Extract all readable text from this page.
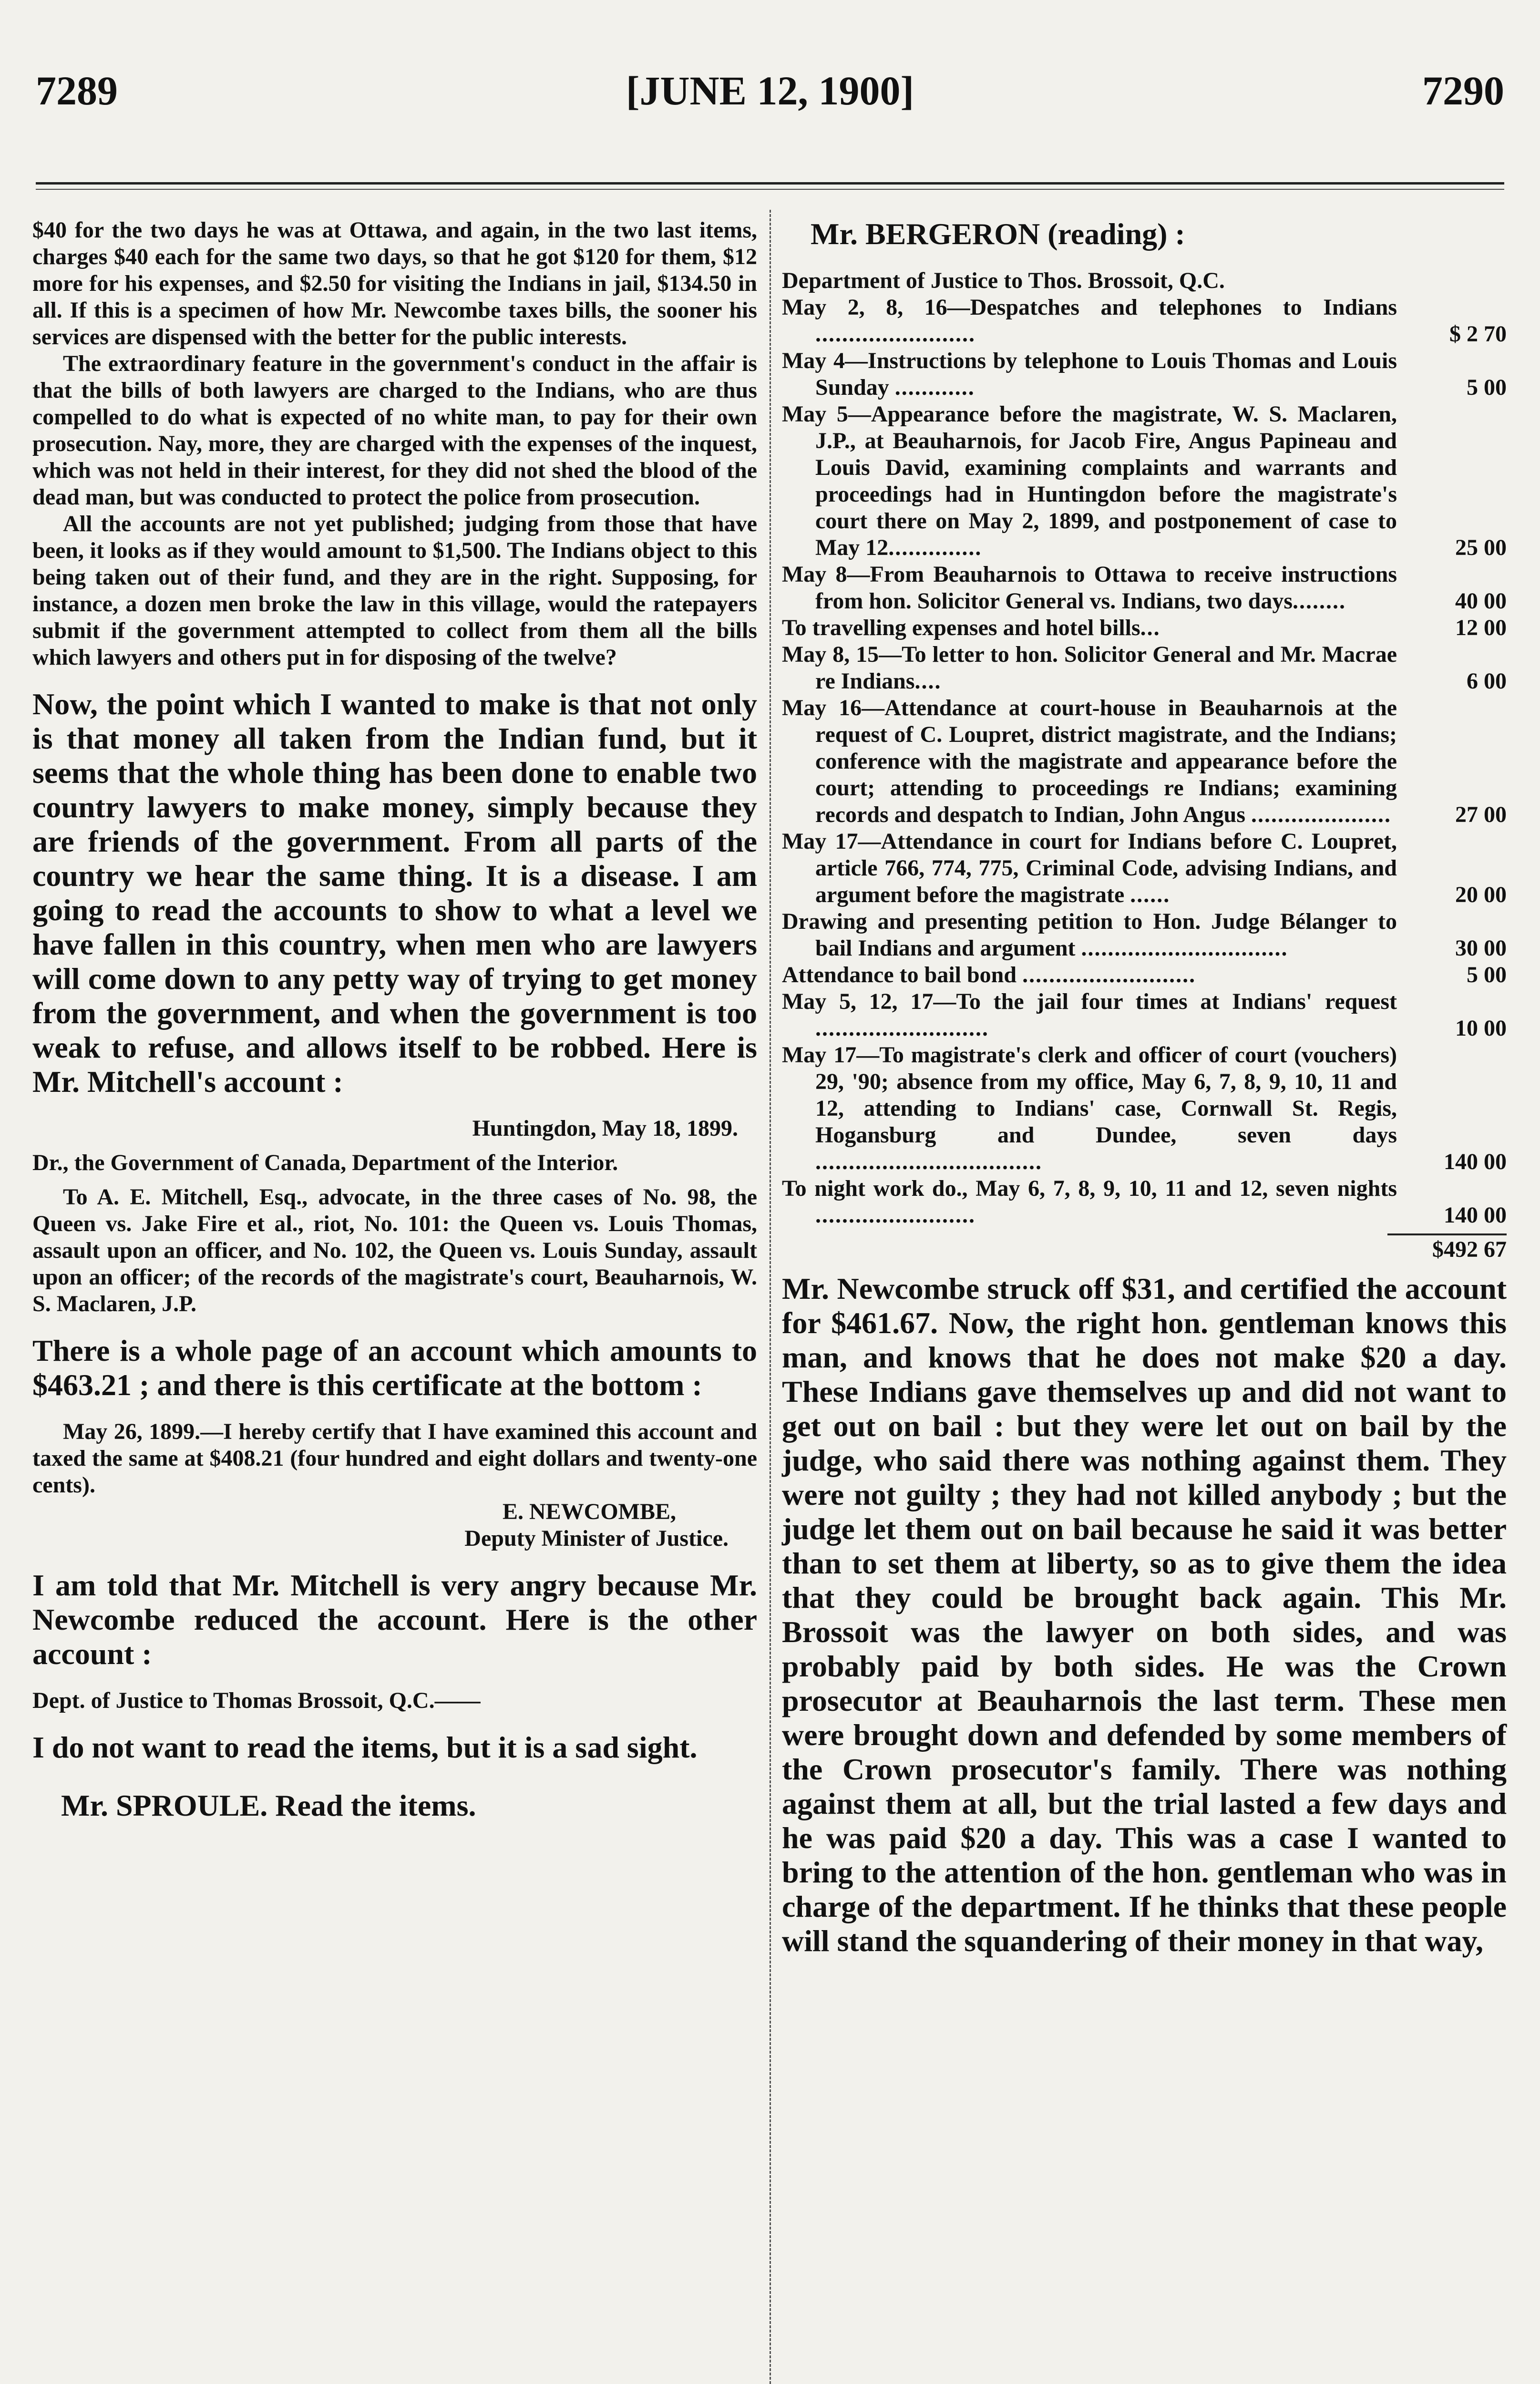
7289	[JUNE 12, 1900]	7290

$40 for the two days he was at Ottawa, and again, in the two last items, charges $40 each for the same two days, so that he got $120 for them, $12 more for his expenses, and $2.50 for visiting the Indians in jail, $134.50 in all. If this is a specimen of how Mr. Newcombe taxes bills, the sooner his services are dispensed with the better for the public interests.

The extraordinary feature in the government's conduct in the affair is that the bills of both lawyers are charged to the Indians, who are thus compelled to do what is expected of no white man, to pay for their own prosecution. Nay, more, they are charged with the expenses of the inquest, which was not held in their interest, for they did not shed the blood of the dead man, but was conducted to protect the police from prosecution.

All the accounts are not yet published; judging from those that have been, it looks as if they would amount to $1,500. The Indians object to this being taken out of their fund, and they are in the right. Supposing, for instance, a dozen men broke the law in this village, would the ratepayers submit if the government attempted to collect from them all the bills which lawyers and others put in for disposing of the twelve?

Now, the point which I wanted to make is that not only is that money all taken from the Indian fund, but it seems that the whole thing has been done to enable two country lawyers to make money, simply because they are friends of the government. From all parts of the country we hear the same thing. It is a disease. I am going to read the accounts to show to what a level we have fallen in this country, when men who are lawyers will come down to any petty way of trying to get money from the government, and when the government is too weak to refuse, and allows itself to be robbed. Here is Mr. Mitchell's account :

Huntingdon, May 18, 1899.

Dr., the Government of Canada, Department of the Interior.

To A. E. Mitchell, Esq., advocate, in the three cases of No. 98, the Queen vs. Jake Fire et al., riot, No. 101: the Queen vs. Louis Thomas, assault upon an officer, and No. 102, the Queen vs. Louis Sunday, assault upon an officer; of the records of the magistrate's court, Beauharnois, W. S. Maclaren, J.P.

There is a whole page of an account which amounts to $463.21 ; and there is this certificate at the bottom :

May 26, 1899.—I hereby certify that I have examined this account and taxed the same at $408.21 (four hundred and eight dollars and twenty-one cents).

E. NEWCOMBE,

Deputy Minister of Justice.

I am told that Mr. Mitchell is very angry because Mr. Newcombe reduced the account. Here is the other account :

Dept. of Justice to Thomas Brossoit, Q.C.——

I do not want to read the items, but it is a sad sight.

Mr. SPROULE. Read the items.

Mr. BERGERON (reading) :

Department of Justice to Thos. Brossoit, Q.C.

May 2, 8, 16—Despatches and telephones to Indians ........................	$ 2 70
May 4—Instructions by telephone to Louis Thomas and Louis Sunday ............	5 00
May 5—Appearance before the magistrate, W. S. Maclaren, J.P., at Beauharnois, for Jacob Fire, Angus Papineau and Louis David, examining complaints and warrants and proceedings had in Huntingdon before the magistrate's court there on May 2, 1899, and postponement of case to May 12..............	25 00
May 8—From Beauharnois to Ottawa to receive instructions from hon. Solicitor General vs. Indians, two days........	40 00
To travelling expenses and hotel bills...	12 00
May 8, 15—To letter to hon. Solicitor General and Mr. Macrae re Indians....	6 00
May 16—Attendance at court-house in Beauharnois at the request of C. Loupret, district magistrate, and the Indians; conference with the magistrate and appearance before the court; attending to proceedings re Indians; examining records and despatch to Indian, John Angus .....................	27 00
May 17—Attendance in court for Indians before C. Loupret, article 766, 774, 775, Criminal Code, advising Indians, and argument before the magistrate ......	20 00
Drawing and presenting petition to Hon. Judge Bélanger to bail Indians and argument ...............................	30 00
Attendance to bail bond ..........................	5 00
May 5, 12, 17—To the jail four times at Indians' request ..........................	10 00
May 17—To magistrate's clerk and officer of court (vouchers) 29, '90; absence from my office, May 6, 7, 8, 9, 10, 11 and 12, attending to Indians' case, Cornwall St. Regis, Hogansburg and Dundee, seven days ..................................	140 00
To night work do., May 6, 7, 8, 9, 10, 11 and 12, seven nights ........................	140 00
$492 67

Mr. Newcombe struck off $31, and certified the account for $461.67. Now, the right hon. gentleman knows this man, and knows that he does not make $20 a day. These Indians gave themselves up and did not want to get out on bail : but they were let out on bail by the judge, who said there was nothing against them. They were not guilty ; they had not killed anybody ; but the judge let them out on bail because he said it was better than to set them at liberty, so as to give them the idea that they could be brought back again. This Mr. Brossoit was the lawyer on both sides, and was probably paid by both sides. He was the Crown prosecutor at Beauharnois the last term. These men were brought down and defended by some members of the Crown prosecutor's family. There was nothing against them at all, but the trial lasted a few days and he was paid $20 a day. This was a case I wanted to bring to the attention of the hon. gentleman who was in charge of the department. If he thinks that these people will stand the squandering of their money in that way,
